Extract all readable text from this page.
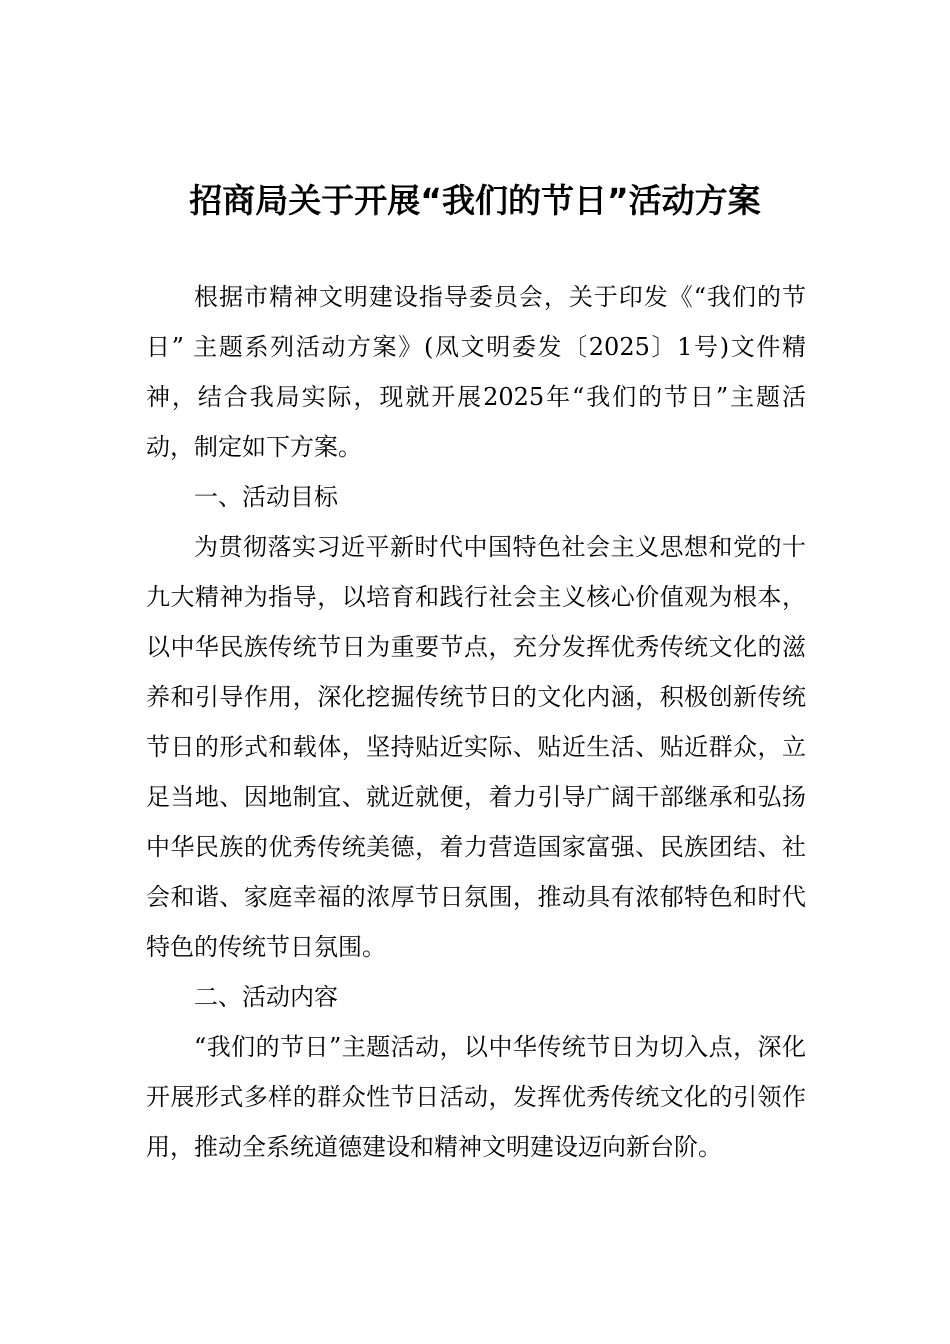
招商局关于开展“我们的节日”活动方案

根据市精神文明建设指导委员会，关于印发《“我们的节日” 主题系列活动方案》(凤文明委发〔2025〕1号)文件精神，结合我局实际，现就开展2025年“我们的节日”主题活动，制定如下方案。

一、活动目标

为贯彻落实习近平新时代中国特色社会主义思想和党的十九大精神为指导，以培育和践行社会主义核心价值观为根本，以中华民族传统节日为重要节点，充分发挥优秀传统文化的滋养和引导作用，深化挖掘传统节日的文化内涵，积极创新传统节日的形式和载体，坚持贴近实际、贴近生活、贴近群众，立足当地、因地制宜、就近就便，着力引导广阔干部继承和弘扬中华民族的优秀传统美德，着力营造国家富强、民族团结、社会和谐、家庭幸福的浓厚节日氛围，推动具有浓郁特色和时代特色的传统节日氛围。

二、活动内容

“我们的节日”主题活动，以中华传统节日为切入点，深化开展形式多样的群众性节日活动，发挥优秀传统文化的引领作用，推动全系统道德建设和精神文明建设迈向新台阶。
